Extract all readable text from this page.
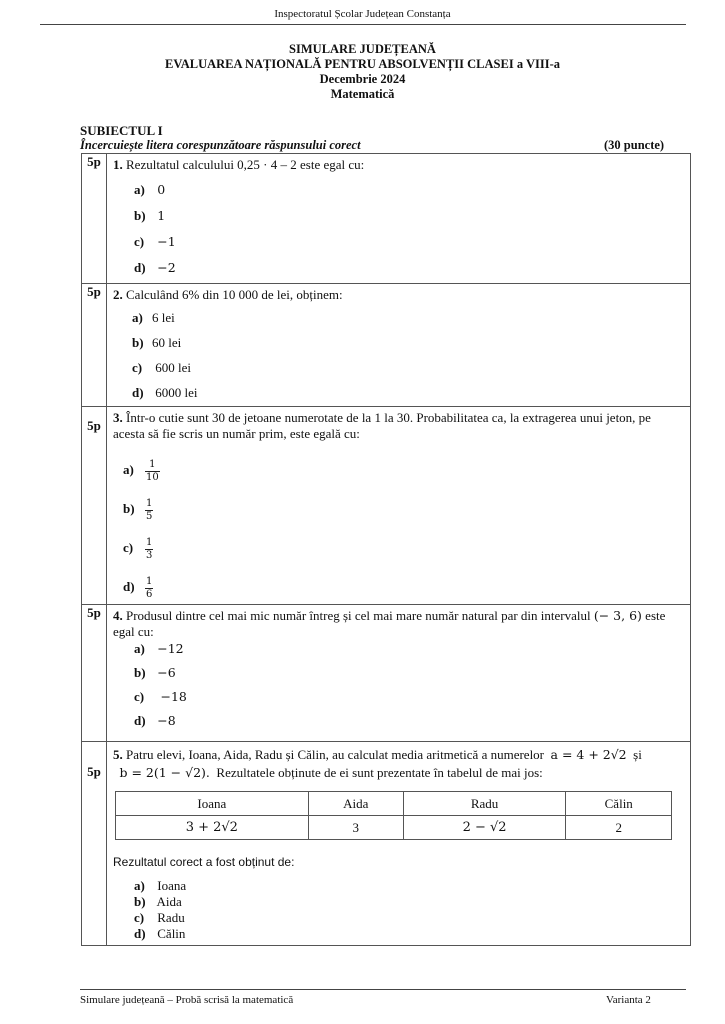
Inspectoratul Școlar Județean Constanța
SIMULARE JUDEȚEANĂ
EVALUAREA NAȚIONALĂ PENTRU ABSOLVENȚII CLASEI a VIII-a
Decembrie 2024
Matematică
SUBIECTUL I
Încercuiește litera corespunzătoare răspunsului corect	(30 puncte)
5p	1. Rezultatul calculului 0,25 · 4 – 2 este egal cu:
a) 0
b) 1
c) −1
d) −2

5p	2. Calculând 6% din 10 000 de lei, obținem:
a) 6 lei
b) 60 lei
c) 600 lei
d) 6000 lei

5p	3. Într-o cutie sunt 30 de jetoane numerotate de la 1 la 30. Probabilitatea ca, la extragerea unui jeton, pe
acesta să fie scris un număr prim, este egală cu:
$a) \frac{1}{10}$
$b) \frac{1}{5}$
$c) \frac{1}{3}$
$d) \frac{1}{6}$

5p	4. Produsul dintre cel mai mic număr întreg și cel mai mare număr natural par din intervalul (− 3, 6) este
egal cu:
a) −12
b) −6
c) −18
d) −8

5p

5. Patru elevi, Ioana, Aida, Radu și Călin, au calculat media aritmetică a numerelor a = 4 + 2√2 și
b = 2(1 − √2). Rezultatele obținute de ei sunt prezentate în tabelul de mai jos:
Ioana	Aida	Radu	Călin
3 + 2√2	3	2 − √2	2
Rezultatul corect a fost obținut de:
a) Ioana
b) Aida
c) Radu
d) Călin
Simulare județeană – Probă scrisă la matematică	Varianta 2
